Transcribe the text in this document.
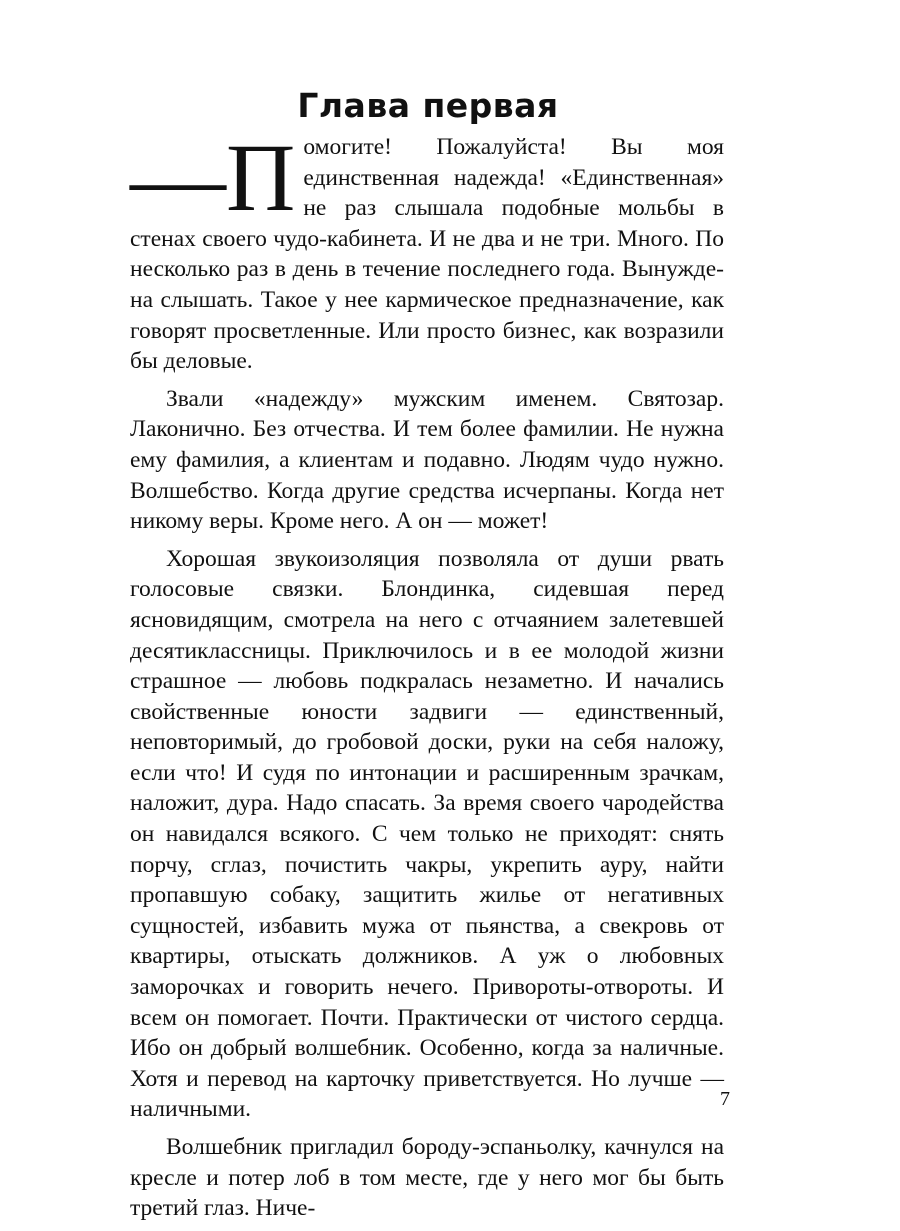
Глава первая

—П омогите! Пожалуйста! Вы моя единственная надежда! «Единственная» не раз слышала подобные мольбы в стенах своего чудо-кабинета. И не два и не три. Много. По несколько раз в день в течение последнего года. Вынуждена слышать. Такое у нее кармическое предназначение, как говорят просветленные. Или просто бизнес, как возразили бы деловые.

Звали «надежду» мужским именем. Святозар. Лаконично. Без отчества. И тем более фамилии. Не нужна ему фамилия, а клиентам и подавно. Людям чудо нужно. Волшебство. Когда другие средства исчерпаны. Когда нет никому веры. Кроме него. А он — может!

Хорошая звукоизоляция позволяла от души рвать голосовые связки. Блондинка, сидевшая перед ясновидящим, смотрела на него с отчаянием залетевшей десятиклассницы. Приключилось и в ее молодой жизни страшное — любовь подкралась незаметно. И начались свойственные юности задвиги — единственный, неповторимый, до гробовой доски, руки на себя наложу, если что! И судя по интонации и расширенным зрачкам, наложит, дура. Надо спасать. За время своего чародейства он навидался всякого. С чем только не приходят: снять порчу, сглаз, почистить чакры, укрепить ауру, найти пропавшую собаку, защитить жилье от негативных сущностей, избавить мужа от пьянства, а свекровь от квартиры, отыскать должников. А уж о любовных заморочках и говорить нечего. Привороты-отвороты. И всем он помогает. Почти. Практически от чистого сердца. Ибо он добрый волшебник. Особенно, когда за наличные. Хотя и перевод на карточку приветствуется. Но лучше — наличными.

Волшебник пригладил бороду-эспаньолку, качнулся на кресле и потер лоб в том месте, где у него мог бы быть третий глаз. Ниче-

7
